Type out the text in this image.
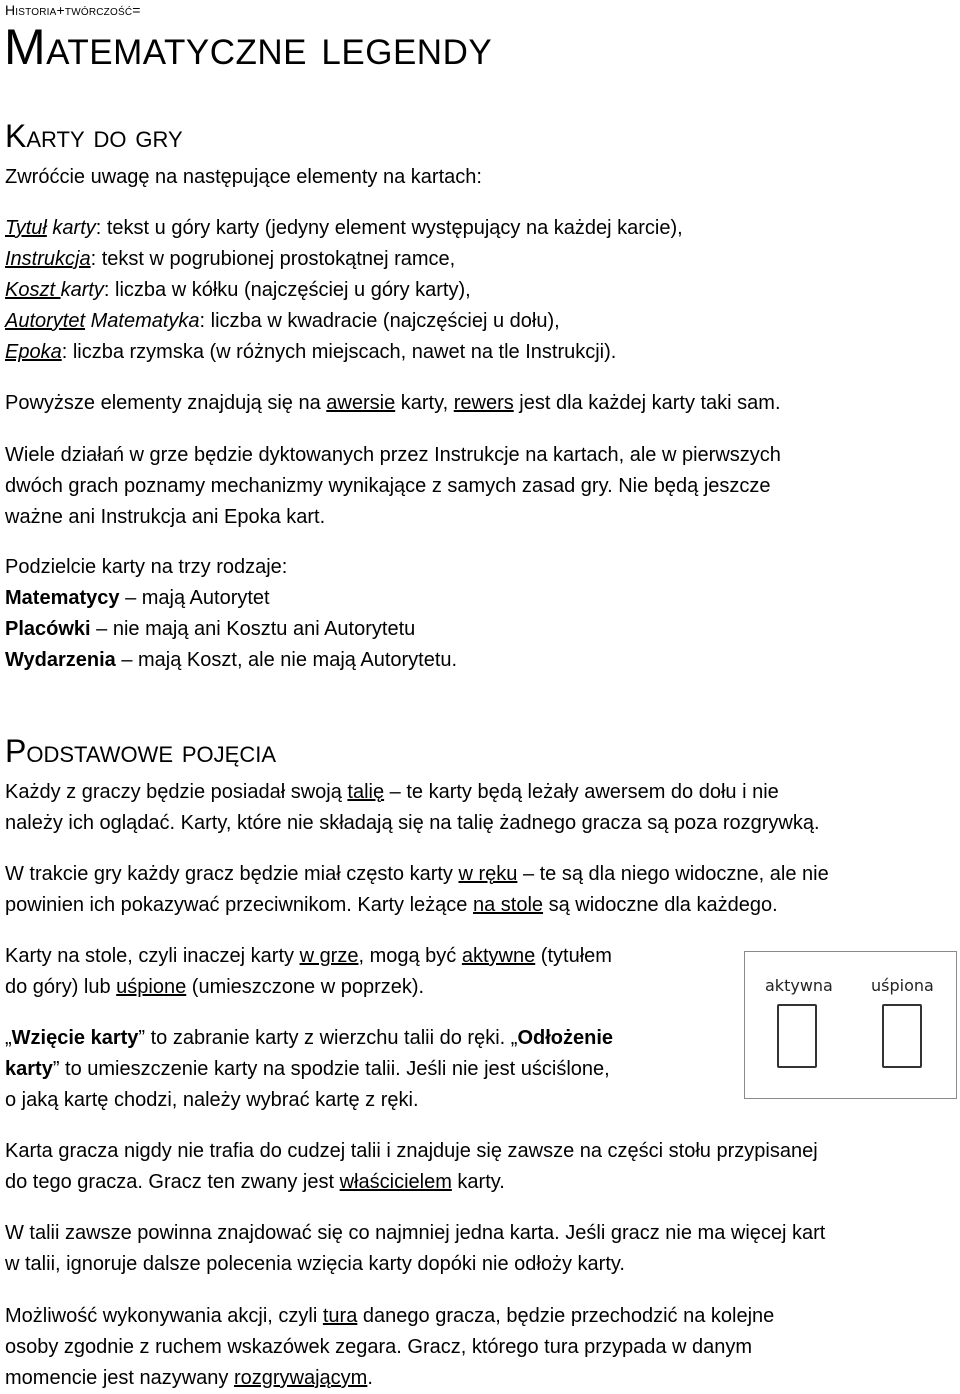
Historia+twórczość=
Matematyczne legendy
Karty do gry

Zwróćcie uwagę na następujące elementy na kartach:

Tytuł karty: tekst u góry karty (jedyny element występujący na każdej karcie),
Instrukcja: tekst w pogrubionej prostokątnej ramce,
Koszt karty: liczba w kółku (najczęściej u góry karty),
Autorytet Matematyka: liczba w kwadracie (najczęściej u dołu),
Epoka: liczba rzymska (w różnych miejscach, nawet na tle Instrukcji).

Powyższe elementy znajdują się na awersie karty, rewers jest dla każdej karty taki sam.

Wiele działań w grze będzie dyktowanych przez Instrukcje na kartach, ale w pierwszych
dwóch grach poznamy mechanizmy wynikające z samych zasad gry. Nie będą jeszcze
ważne ani Instrukcja ani Epoka kart.

Podzielcie karty na trzy rodzaje:
Matematycy – mają Autorytet
Placówki – nie mają ani Kosztu ani Autorytetu
Wydarzenia – mają Koszt, ale nie mają Autorytetu.

Podstawowe pojęcia

Każdy z graczy będzie posiadał swoją talię – te karty będą leżały awersem do dołu i nie
należy ich oglądać. Karty, które nie składają się na talię żadnego gracza są poza rozgrywką.

W trakcie gry każdy gracz będzie miał często karty w ręku – te są dla niego widoczne, ale nie
powinien ich pokazywać przeciwnikom. Karty leżące na stole są widoczne dla każdego.

Karty na stole, czyli inaczej karty w grze, mogą być aktywne (tytułem
do góry) lub uśpione (umieszczone w poprzek).

„Wzięcie karty” to zabranie karty z wierzchu talii do ręki. „Odłożenie
karty” to umieszczenie karty na spodzie talii. Jeśli nie jest uściślone,
o jaką kartę chodzi, należy wybrać kartę z ręki.

Karta gracza nigdy nie trafia do cudzej talii i znajduje się zawsze na części stołu przypisanej
do tego gracza. Gracz ten zwany jest właścicielem karty.

W talii zawsze powinna znajdować się co najmniej jedna karta. Jeśli gracz nie ma więcej kart
w talii, ignoruje dalsze polecenia wzięcia karty dopóki nie odłoży karty.

Możliwość wykonywania akcji, czyli tura danego gracza, będzie przechodzić na kolejne
osoby zgodnie z ruchem wskazówek zegara. Gracz, którego tura przypada w danym
momencie jest nazywany rozgrywającym.

aktywna uśpiona
